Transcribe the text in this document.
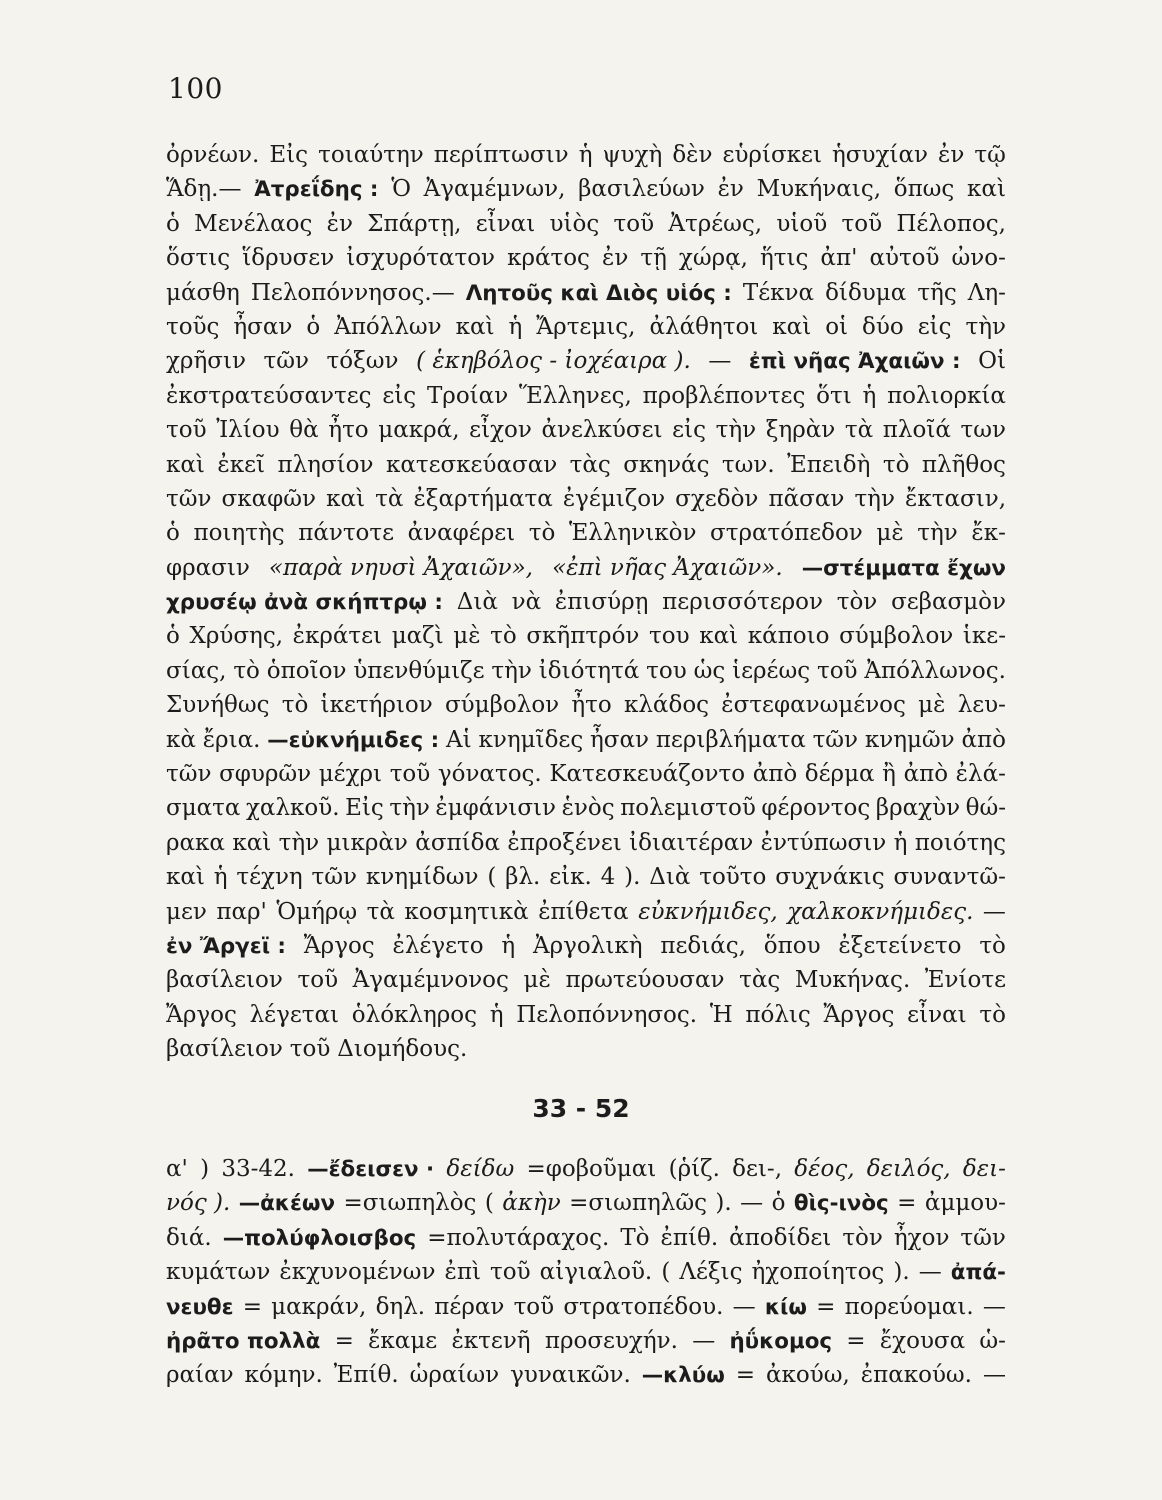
100
ὀρνέων. Εἰς τοιαύτην περίπτωσιν ἡ ψυχὴ δὲν εὑρίσκει ἡσυχίαν ἐν τῷ
Ἅδῃ.— Ἀτρεΐδης : Ὁ Ἀγαμέμνων, βασιλεύων ἐν Μυκήναις, ὅπως καὶ
ὁ Μενέλαος ἐν Σπάρτῃ, εἶναι υἱὸς τοῦ Ἀτρέως, υἱοῦ τοῦ Πέλοπος,
ὅστις ἵδρυσεν ἰσχυρότατον κράτος ἐν τῇ χώρᾳ, ἥτις ἀπ' αὐτοῦ ὠνο-
μάσθη Πελοπόννησος.— Λητοῦς καὶ Διὸς υἱός : Τέκνα δίδυμα τῆς Λη-
τοῦς ἦσαν ὁ Ἀπόλλων καὶ ἡ Ἄρτεμις, ἀλάθητοι καὶ οἱ δύο εἰς τὴν
χρῆσιν τῶν τόξων ( ἑκηβόλος - ἰοχέαιρα ). — ἐπὶ νῆας Ἀχαιῶν : Οἱ
ἐκστρατεύσαντες εἰς Τροίαν Ἕλληνες, προβλέποντες ὅτι ἡ πολιορκία
τοῦ Ἰλίου θὰ ἦτο μακρά, εἶχον ἀνελκύσει εἰς τὴν ξηρὰν τὰ πλοῖά των
καὶ ἐκεῖ πλησίον κατεσκεύασαν τὰς σκηνάς των. Ἐπειδὴ τὸ πλῆθος
τῶν σκαφῶν καὶ τὰ ἐξαρτήματα ἐγέμιζον σχεδὸν πᾶσαν τὴν ἔκτασιν,
ὁ ποιητὴς πάντοτε ἀναφέρει τὸ Ἑλληνικὸν στρατόπεδον μὲ τὴν ἔκ-
φρασιν «παρὰ νηυσὶ Ἀχαιῶν», «ἐπὶ νῆας Ἀχαιῶν». —στέμματα ἔχων
χρυσέῳ ἀνὰ σκήπτρῳ : Διὰ νὰ ἐπισύρῃ περισσότερον τὸν σεβασμὸν
ὁ Χρύσης, ἐκράτει μαζὶ μὲ τὸ σκῆπτρόν του καὶ κάποιο σύμβολον ἱκε-
σίας, τὸ ὁποῖον ὑπενθύμιζε τὴν ἰδιότητά του ὡς ἱερέως τοῦ Ἀπόλλωνος.
Συνήθως τὸ ἱκετήριον σύμβολον ἦτο κλάδος ἐστεφανωμένος μὲ λευ-
κὰ ἔρια. —εὐκνήμιδες : Αἱ κνημῖδες ἦσαν περιβλήματα τῶν κνημῶν ἀπὸ
τῶν σφυρῶν μέχρι τοῦ γόνατος. Κατεσκευάζοντο ἀπὸ δέρμα ἢ ἀπὸ ἐλά-
σματα χαλκοῦ. Εἰς τὴν ἐμφάνισιν ἑνὸς πολεμιστοῦ φέροντος βραχὺν θώ-
ρακα καὶ τὴν μικρὰν ἀσπίδα ἐπροξένει ἰδιαιτέραν ἐντύπωσιν ἡ ποιότης
καὶ ἡ τέχνη τῶν κνημίδων ( βλ. εἰκ. 4 ). Διὰ τοῦτο συχνάκις συναντῶ-
μεν παρ' Ὁμήρῳ τὰ κοσμητικὰ ἐπίθετα εὐκνήμιδες, χαλκοκνήμιδες. —
ἐν Ἄργεϊ : Ἄργος ἐλέγετο ἡ Ἀργολικὴ πεδιάς, ὅπου ἐξετείνετο τὸ
βασίλειον τοῦ Ἀγαμέμνονος μὲ πρωτεύουσαν τὰς Μυκήνας. Ἐνίοτε
Ἄργος λέγεται ὁλόκληρος ἡ Πελοπόννησος. Ἡ πόλις Ἄργος εἶναι τὸ
βασίλειον τοῦ Διομήδους.
33 - 52
α' ) 33-42. —ἔδεισεν · δείδω =φοβοῦμαι (ῥίζ. δει-, δέος, δειλός, δει-
νός ). —ἀκέων =σιωπηλὸς ( ἀκὴν =σιωπηλῶς ). — ὁ θὶς-ινὸς = ἀμμου-
διά. —πολύφλοισβος =πολυτάραχος. Τὸ ἐπίθ. ἀποδίδει τὸν ἦχον τῶν
κυμάτων ἐκχυνομένων ἐπὶ τοῦ αἰγιαλοῦ. ( Λέξις ἠχοποίητος ). — ἀπά-
νευθε = μακράν, δηλ. πέραν τοῦ στρατοπέδου. — κίω = πορεύομαι. —
ἠρᾶτο πολλὰ = ἔκαμε ἐκτενῆ προσευχήν. — ἠΰκομος = ἔχουσα ὡ-
ραίαν κόμην. Ἐπίθ. ὡραίων γυναικῶν. —κλύω = ἀκούω, ἐπακούω. —
